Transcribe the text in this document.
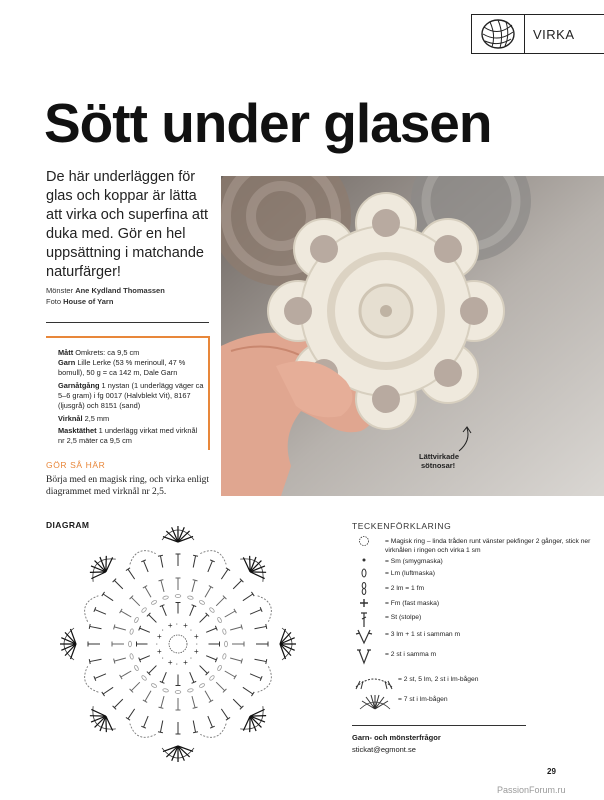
VIRKA
Sött under glasen
De här underläggen för glas och koppar är lätta att virka och superfina att duka med. Gör en hel uppsättning i matchande naturfärger!
Mönster Ane Kydland Thomassen
Foto House of Yarn
Mått Omkrets: ca 9,5 cm
Garn Lille Lerke (53 % merinoull, 47 % bomull), 50 g = ca 142 m, Dale Garn
Garnåtgång 1 nystan (1 underlägg väger ca 5–6 gram) i fg 0017 (Halvblekt Vit), 8167 (ljusgrå) och 8151 (sand)
Virknål 2,5 mm
Masktäthet 1 underlägg virkat med virknål nr 2,5 mäter ca 9,5 cm
GÖR SÅ HÄR
Börja med en magisk ring, och virka enligt diagrammet med virknål nr 2,5.
Lättvirkade
sötnosar!
DIAGRAM
·
+
·
+
·
+
·
+
·
+
· + · + ·
+
TECKENFÖRKLARING
= Magisk ring – linda tråden runt vänster pekfinger 2 gånger, stick ner virknålen i ringen och virka 1 sm
= Sm (smygmaska)
= Lm (luftmaska)
= 2 lm = 1 fm
= Fm (fast maska)
= St (stolpe)
= 3 lm + 1 st i samman m
= 2 st i samma m
= 2 st, 5 lm, 2 st i lm-bågen
= 7 st i lm-bågen
Garn- och mönsterfrågor
stickat@egmont.se
29
PassionForum.ru
